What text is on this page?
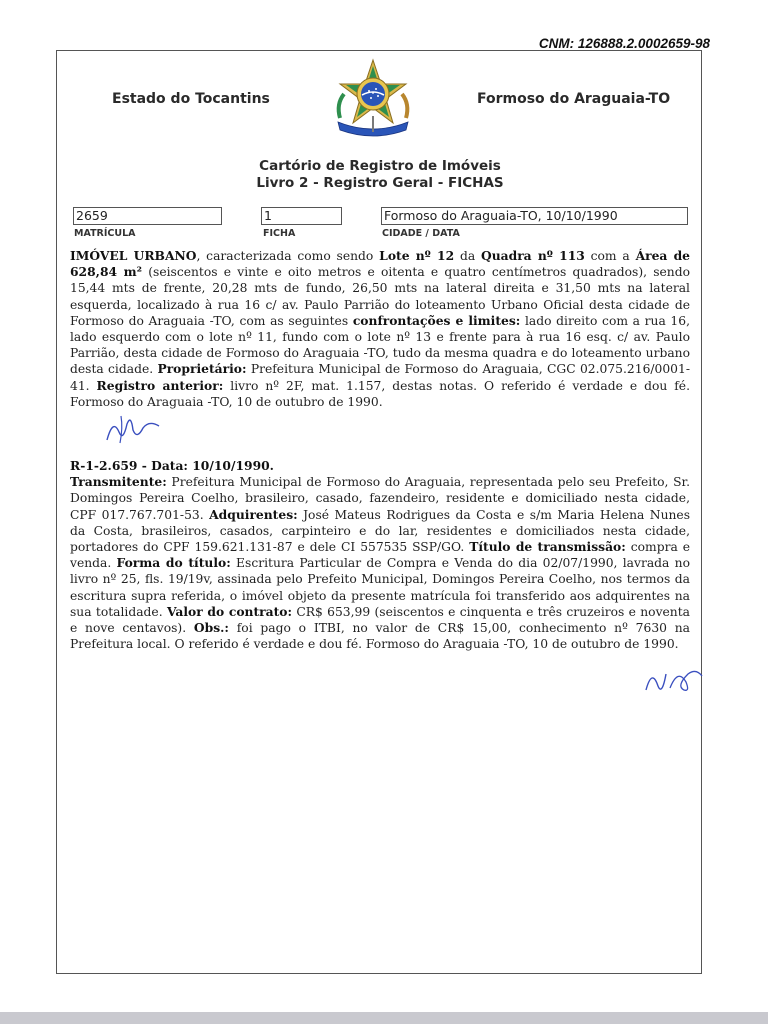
CNM: 126888.2.0002659-98
Estado do Tocantins	Formoso do Araguaia-TO
Cartório de Registro de Imóveis
Livro 2 - Registro Geral - FICHAS
2659	1	Formoso do Araguaia-TO, 10/10/1990
MATRÍCULA	FICHA	CIDADE / DATA

IMÓVEL URBANO, caracterizada como sendo Lote nº 12 da Quadra nº 113 com a Área de 628,84 m² (seiscentos e vinte e oito metros e oitenta e quatro centímetros quadrados), sendo 15,44 mts de frente, 20,28 mts de fundo, 26,50 mts na lateral direita e 31,50 mts na lateral esquerda, localizado à rua 16 c/ av. Paulo Parrião do loteamento Urbano Oficial desta cidade de Formoso do Araguaia -TO, com as seguintes confrontações e limites: lado direito com a rua 16, lado esquerdo com o lote nº 11, fundo com o lote nº 13 e frente para à rua 16 esq. c/ av. Paulo Parrião, desta cidade de Formoso do Araguaia -TO, tudo da mesma quadra e do loteamento urbano desta cidade. Proprietário: Prefeitura Municipal de Formoso do Araguaia, CGC 02.075.216/0001-41. Registro anterior: livro nº 2F, mat. 1.157, destas notas. O referido é verdade e dou fé. Formoso do Araguaia -TO, 10 de outubro de 1990.

R-1-2.659 - Data: 10/10/1990.
Transmitente: Prefeitura Municipal de Formoso do Araguaia, representada pelo seu Prefeito, Sr. Domingos Pereira Coelho, brasileiro, casado, fazendeiro, residente e domiciliado nesta cidade, CPF 017.767.701-53. Adquirentes: José Mateus Rodrigues da Costa e s/m Maria Helena Nunes da Costa, brasileiros, casados, carpinteiro e do lar, residentes e domiciliados nesta cidade, portadores do CPF 159.621.131-87 e dele CI 557535 SSP/GO. Título de transmissão: compra e venda. Forma do título: Escritura Particular de Compra e Venda do dia 02/07/1990, lavrada no livro nº 25, fls. 19/19v, assinada pelo Prefeito Municipal, Domingos Pereira Coelho, nos termos da escritura supra referida, o imóvel objeto da presente matrícula foi transferido aos adquirentes na sua totalidade. Valor do contrato: CR$ 653,99 (seiscentos e cinquenta e três cruzeiros e noventa e nove centavos). Obs.: foi pago o ITBI, no valor de CR$ 15,00, conhecimento nº 7630 na Prefeitura local. O referido é verdade e dou fé. Formoso do Araguaia -TO, 10 de outubro de 1990.
